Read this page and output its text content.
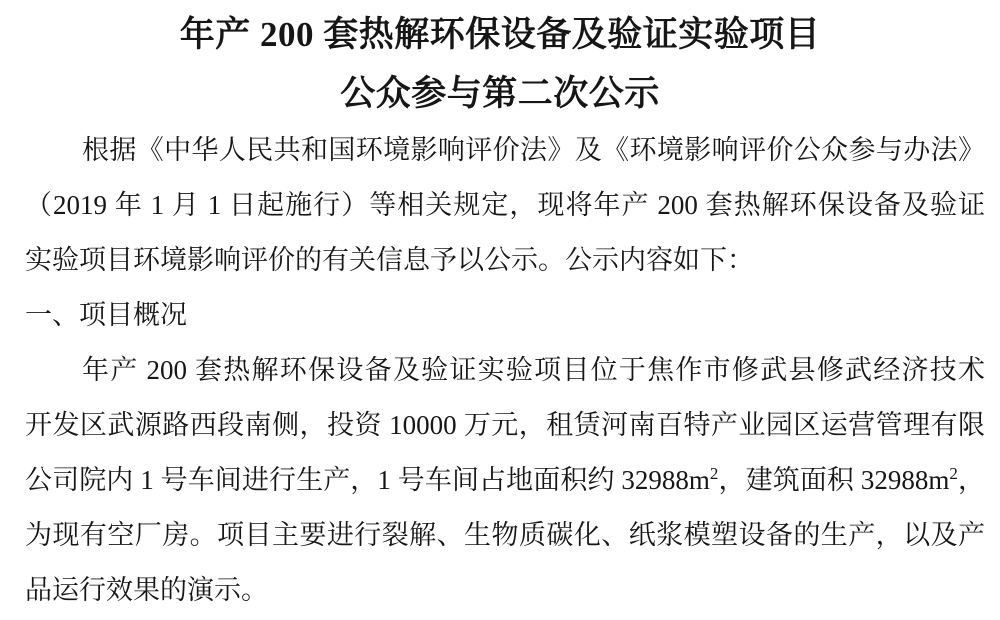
年产 200 套热解环保设备及验证实验项目
公众参与第二次公示
根据《中华人民共和国环境影响评价法》及《环境影响评价公众参与办法》
（2019 年 1 月 1 日起施行）等相关规定，现将年产 200 套热解环保设备及验证
实验项目环境影响评价的有关信息予以公示。公示内容如下：
一、项目概况
年产 200 套热解环保设备及验证实验项目位于焦作市修武县修武经济技术
开发区武源路西段南侧，投资 10000 万元，租赁河南百特产业园区运营管理有限
公司院内 1 号车间进行生产，1 号车间占地面积约 $32988m^2$，建筑面积 $32988m^2$，
为现有空厂房。项目主要进行裂解、生物质碳化、纸浆模塑设备的生产，以及产
品运行效果的演示。
